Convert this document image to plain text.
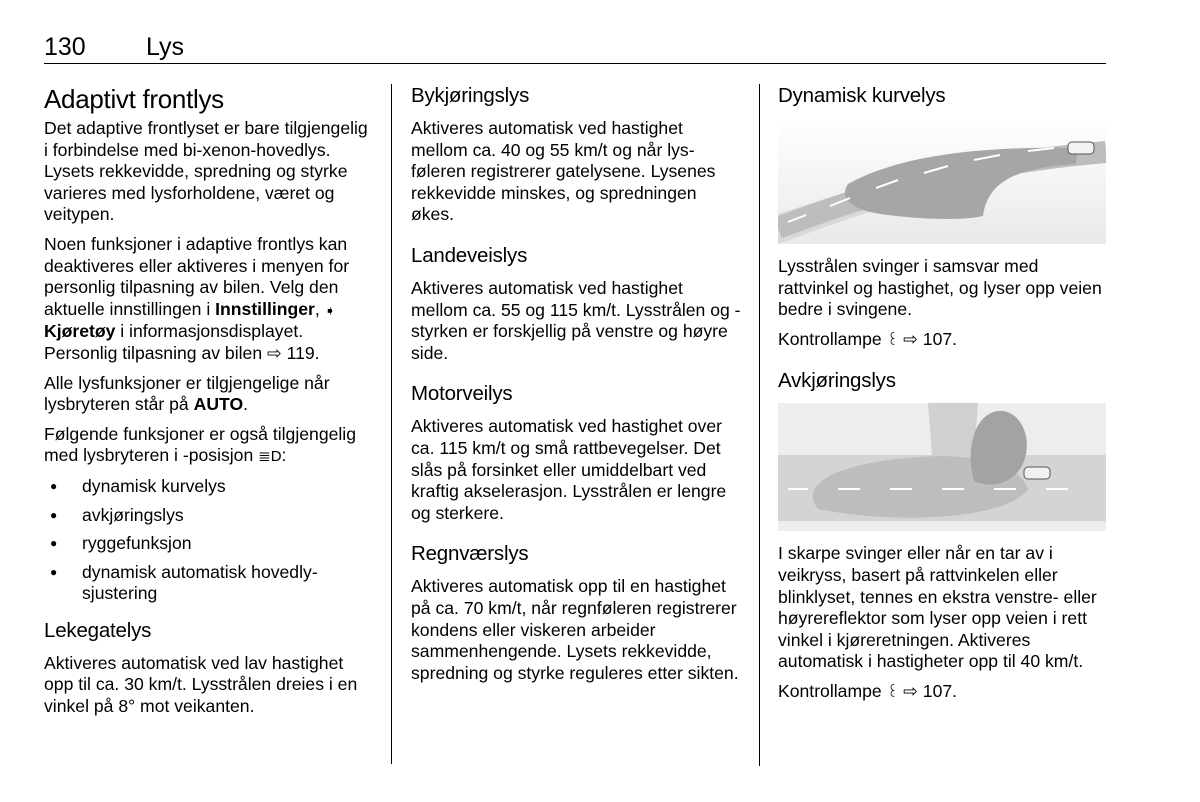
130 Lys
Adaptivt frontlys

Det adaptive frontlyset er bare tilgjengelig i forbindelse med bi-xenon-hovedlys. Lysets rekkevidde, spredning og styrke varieres med lysforholdene, været og veitypen.

Noen funksjoner i adaptive frontlys kan deaktiveres eller aktiveres i menyen for personlig tilpasning av bilen. Velg den aktuelle innstillingen i Innstillinger, ➧ Kjøretøy i informasjonsdisplayet. Personlig tilpasning av bilen ⇨ 119.

Alle lysfunksjoner er tilgjengelige når lysbryteren står på AUTO.

Følgende funksjoner er også tilgjengelig med lysbryteren i -posisjon ≣D:

● dynamisk kurvelys
● avkjøringslys
● ryggefunksjon
● dynamisk automatisk hovedlysjustering
Lekegatelys

Aktiveres automatisk ved lav hastighet opp til ca. 30 km/t. Lysstrålen dreies i en vinkel på 8° mot veikanten.

Bykjøringslys

Aktiveres automatisk ved hastighet mellom ca. 40 og 55 km/t og når lysføleren registrerer gatelysene. Lysenes rekkevidde minskes, og spredningen økes.

Landeveislys

Aktiveres automatisk ved hastighet mellom ca. 55 og 115 km/t. Lysstrålen og -styrken er forskjellig på venstre og høyre side.

Motorveilys

Aktiveres automatisk ved hastighet over ca. 115 km/t og små rattbevegelser. Det slås på forsinket eller umiddelbart ved kraftig akselerasjon. Lysstrålen er lengre og sterkere.

Regnværslys

Aktiveres automatisk opp til en hastighet på ca. 70 km/t, når regnføleren registrerer kondens eller viskeren arbeider sammenhengende. Lysets rekkevidde, spredning og styrke reguleres etter sikten.

Dynamisk kurvelys

Lysstrålen svinger i samsvar med rattvinkel og hastighet, og lyser opp veien bedre i svingene.

Kontrollampe ꒰ ⇨ 107.

Avkjøringslys

I skarpe svinger eller når en tar av i veikryss, basert på rattvinkelen eller blinklyset, tennes en ekstra venstre- eller høyrereflektor som lyser opp veien i rett vinkel i kjøreretningen. Aktiveres automatisk i hastigheter opp til 40 km/t.

Kontrollampe ꒰ ⇨ 107.
